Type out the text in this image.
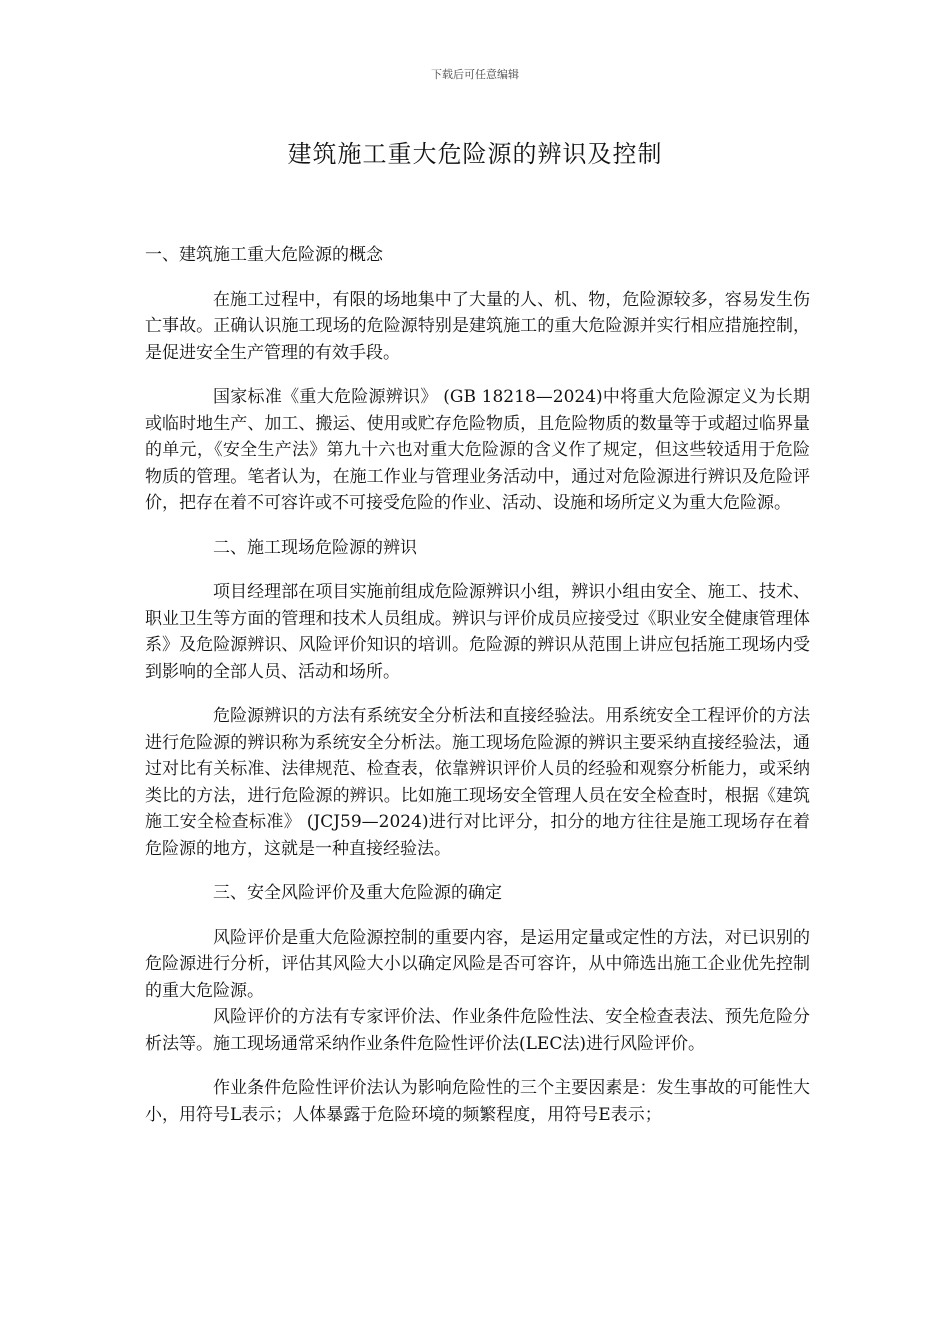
下载后可任意编辑
建筑施工重大危险源的辨识及控制

一、建筑施工重大危险源的概念

在施工过程中，有限的场地集中了大量的人、机、物，危险源较多，容易发生伤亡事故。正确认识施工现场的危险源特别是建筑施工的重大危险源并实行相应措施控制，是促进安全生产管理的有效手段。

国家标准《重大危险源辨识》 (GB 18218—2024)中将重大危险源定义为长期或临时地生产、加工、搬运、使用或贮存危险物质，且危险物质的数量等于或超过临界量的单元，《安全生产法》第九十六也对重大危险源的含义作了规定，但这些较适用于危险物质的管理。笔者认为，在施工作业与管理业务活动中，通过对危险源进行辨识及危险评价，把存在着不可容许或不可接受危险的作业、活动、设施和场所定义为重大危险源。

二、施工现场危险源的辨识

项目经理部在项目实施前组成危险源辨识小组，辨识小组由安全、施工、技术、职业卫生等方面的管理和技术人员组成。辨识与评价成员应接受过《职业安全健康管理体系》及危险源辨识、风险评价知识的培训。危险源的辨识从范围上讲应包括施工现场内受到影响的全部人员、活动和场所。

危险源辨识的方法有系统安全分析法和直接经验法。用系统安全工程评价的方法进行危险源的辨识称为系统安全分析法。施工现场危险源的辨识主要采纳直接经验法，通过对比有关标准、法律规范、检查表，依靠辨识评价人员的经验和观察分析能力，或采纳类比的方法，进行危险源的辨识。比如施工现场安全管理人员在安全检查时，根据《建筑施工安全检查标准》 (JCJ59—2024)进行对比评分，扣分的地方往往是施工现场存在着危险源的地方，这就是一种直接经验法。

三、安全风险评价及重大危险源的确定

风险评价是重大危险源控制的重要内容，是运用定量或定性的方法，对已识别的危险源进行分析，评估其风险大小以确定风险是否可容许，从中筛选出施工企业优先控制的重大危险源。

风险评价的方法有专家评价法、作业条件危险性法、安全检查表法、预先危险分析法等。施工现场通常采纳作业条件危险性评价法(LEC法)进行风险评价。

作业条件危险性评价法认为影响危险性的三个主要因素是：发生事故的可能性大小，用符号L表示；人体暴露于危险环境的频繁程度，用符号E表示；
